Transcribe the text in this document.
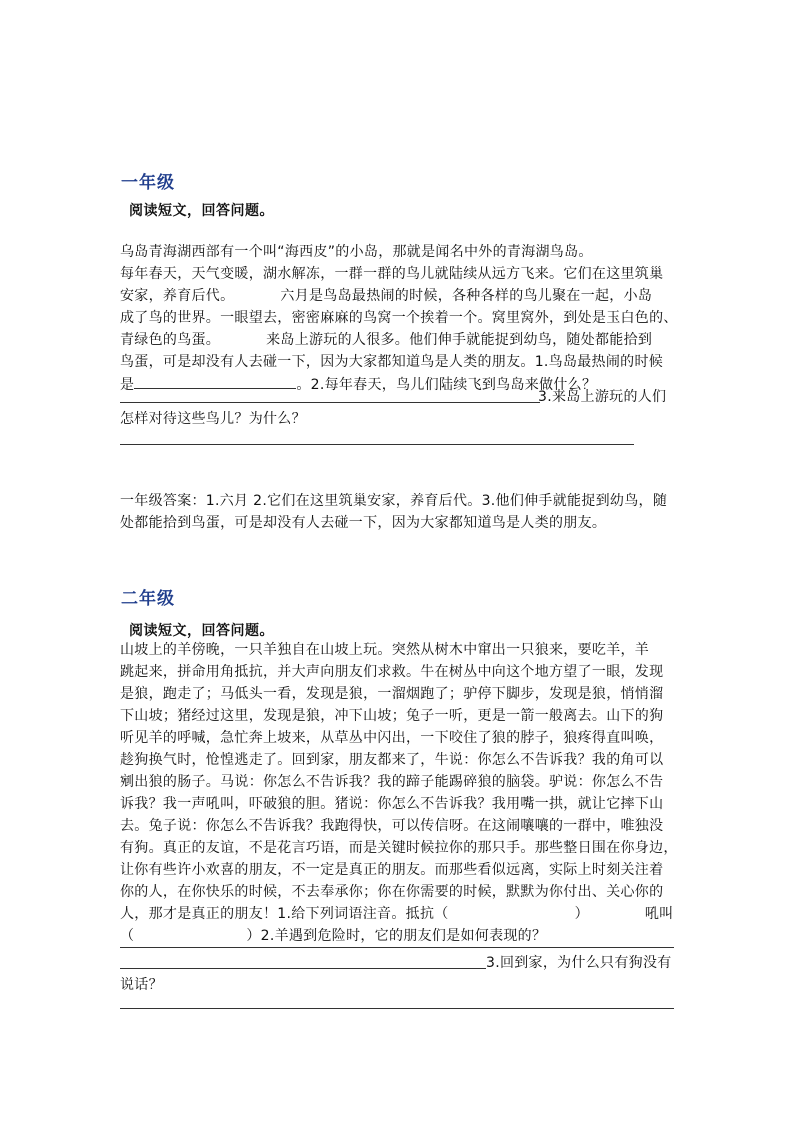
一年级
阅读短文，回答问题。
乌岛青海湖西部有一个叫“海西皮”的小岛，那就是闻名中外的青海湖鸟岛。
每年春天，天气变暖，湖水解冻，一群一群的鸟儿就陆续从远方飞来。它们在这里筑巢
安家，养育后代。	六月是鸟岛最热闹的时候，各种各样的鸟儿聚在一起，小岛
成了鸟的世界。一眼望去，密密麻麻的鸟窝一个挨着一个。窝里窝外，到处是玉白色的、
青绿色的鸟蛋。	来岛上游玩的人很多。他们伸手就能捉到幼鸟，随处都能拾到
鸟蛋，可是却没有人去碰一下，因为大家都知道鸟是人类的朋友。1.鸟岛最热闹的时候
是	。2.每年春天，鸟儿们陆续飞到鸟岛来做什么？
3.来岛上游玩的人们
怎样对待这些鸟儿？为什么？
一年级答案：1.六月 2.它们在这里筑巢安家，养育后代。3.他们伸手就能捉到幼鸟，随
处都能拾到鸟蛋，可是却没有人去碰一下，因为大家都知道鸟是人类的朋友。
二年级
阅读短文，回答问题。
山坡上的羊傍晚，一只羊独自在山坡上玩。突然从树木中窜出一只狼来，要吃羊，羊
跳起来，拼命用角抵抗，并大声向朋友们求救。牛在树丛中向这个地方望了一眼，发现
是狼，跑走了；马低头一看，发现是狼，一溜烟跑了；驴停下脚步，发现是狼，悄悄溜
下山坡；猪经过这里，发现是狼，冲下山坡；兔子一听，更是一箭一般离去。山下的狗
听见羊的呼喊，急忙奔上坡来，从草丛中闪出，一下咬住了狼的脖子，狼疼得直叫唤，
趁狗换气时，怆惶逃走了。回到家，朋友都来了，牛说：你怎么不告诉我？我的角可以
剜出狼的肠子。马说：你怎么不告诉我？我的蹄子能踢碎狼的脑袋。驴说：你怎么不告
诉我？我一声吼叫，吓破狼的胆。猪说：你怎么不告诉我？我用嘴一拱，就让它摔下山
去。兔子说：你怎么不告诉我？我跑得快，可以传信呀。在这闹嚷嚷的一群中，唯独没
有狗。真正的友谊，不是花言巧语，而是关键时候拉你的那只手。那些整日围在你身边，
让你有些许小欢喜的朋友，不一定是真正的朋友。而那些看似远离，实际上时刻关注着
你的人，在你快乐的时候，不去奉承你；你在你需要的时候，默默为你付出、关心你的
人，那才是真正的朋友！1.给下列词语注音。抵抗（	）	吼叫
（	）2.羊遇到危险时，它的朋友们是如何表现的？
3.回到家，为什么只有狗没有
说话？
